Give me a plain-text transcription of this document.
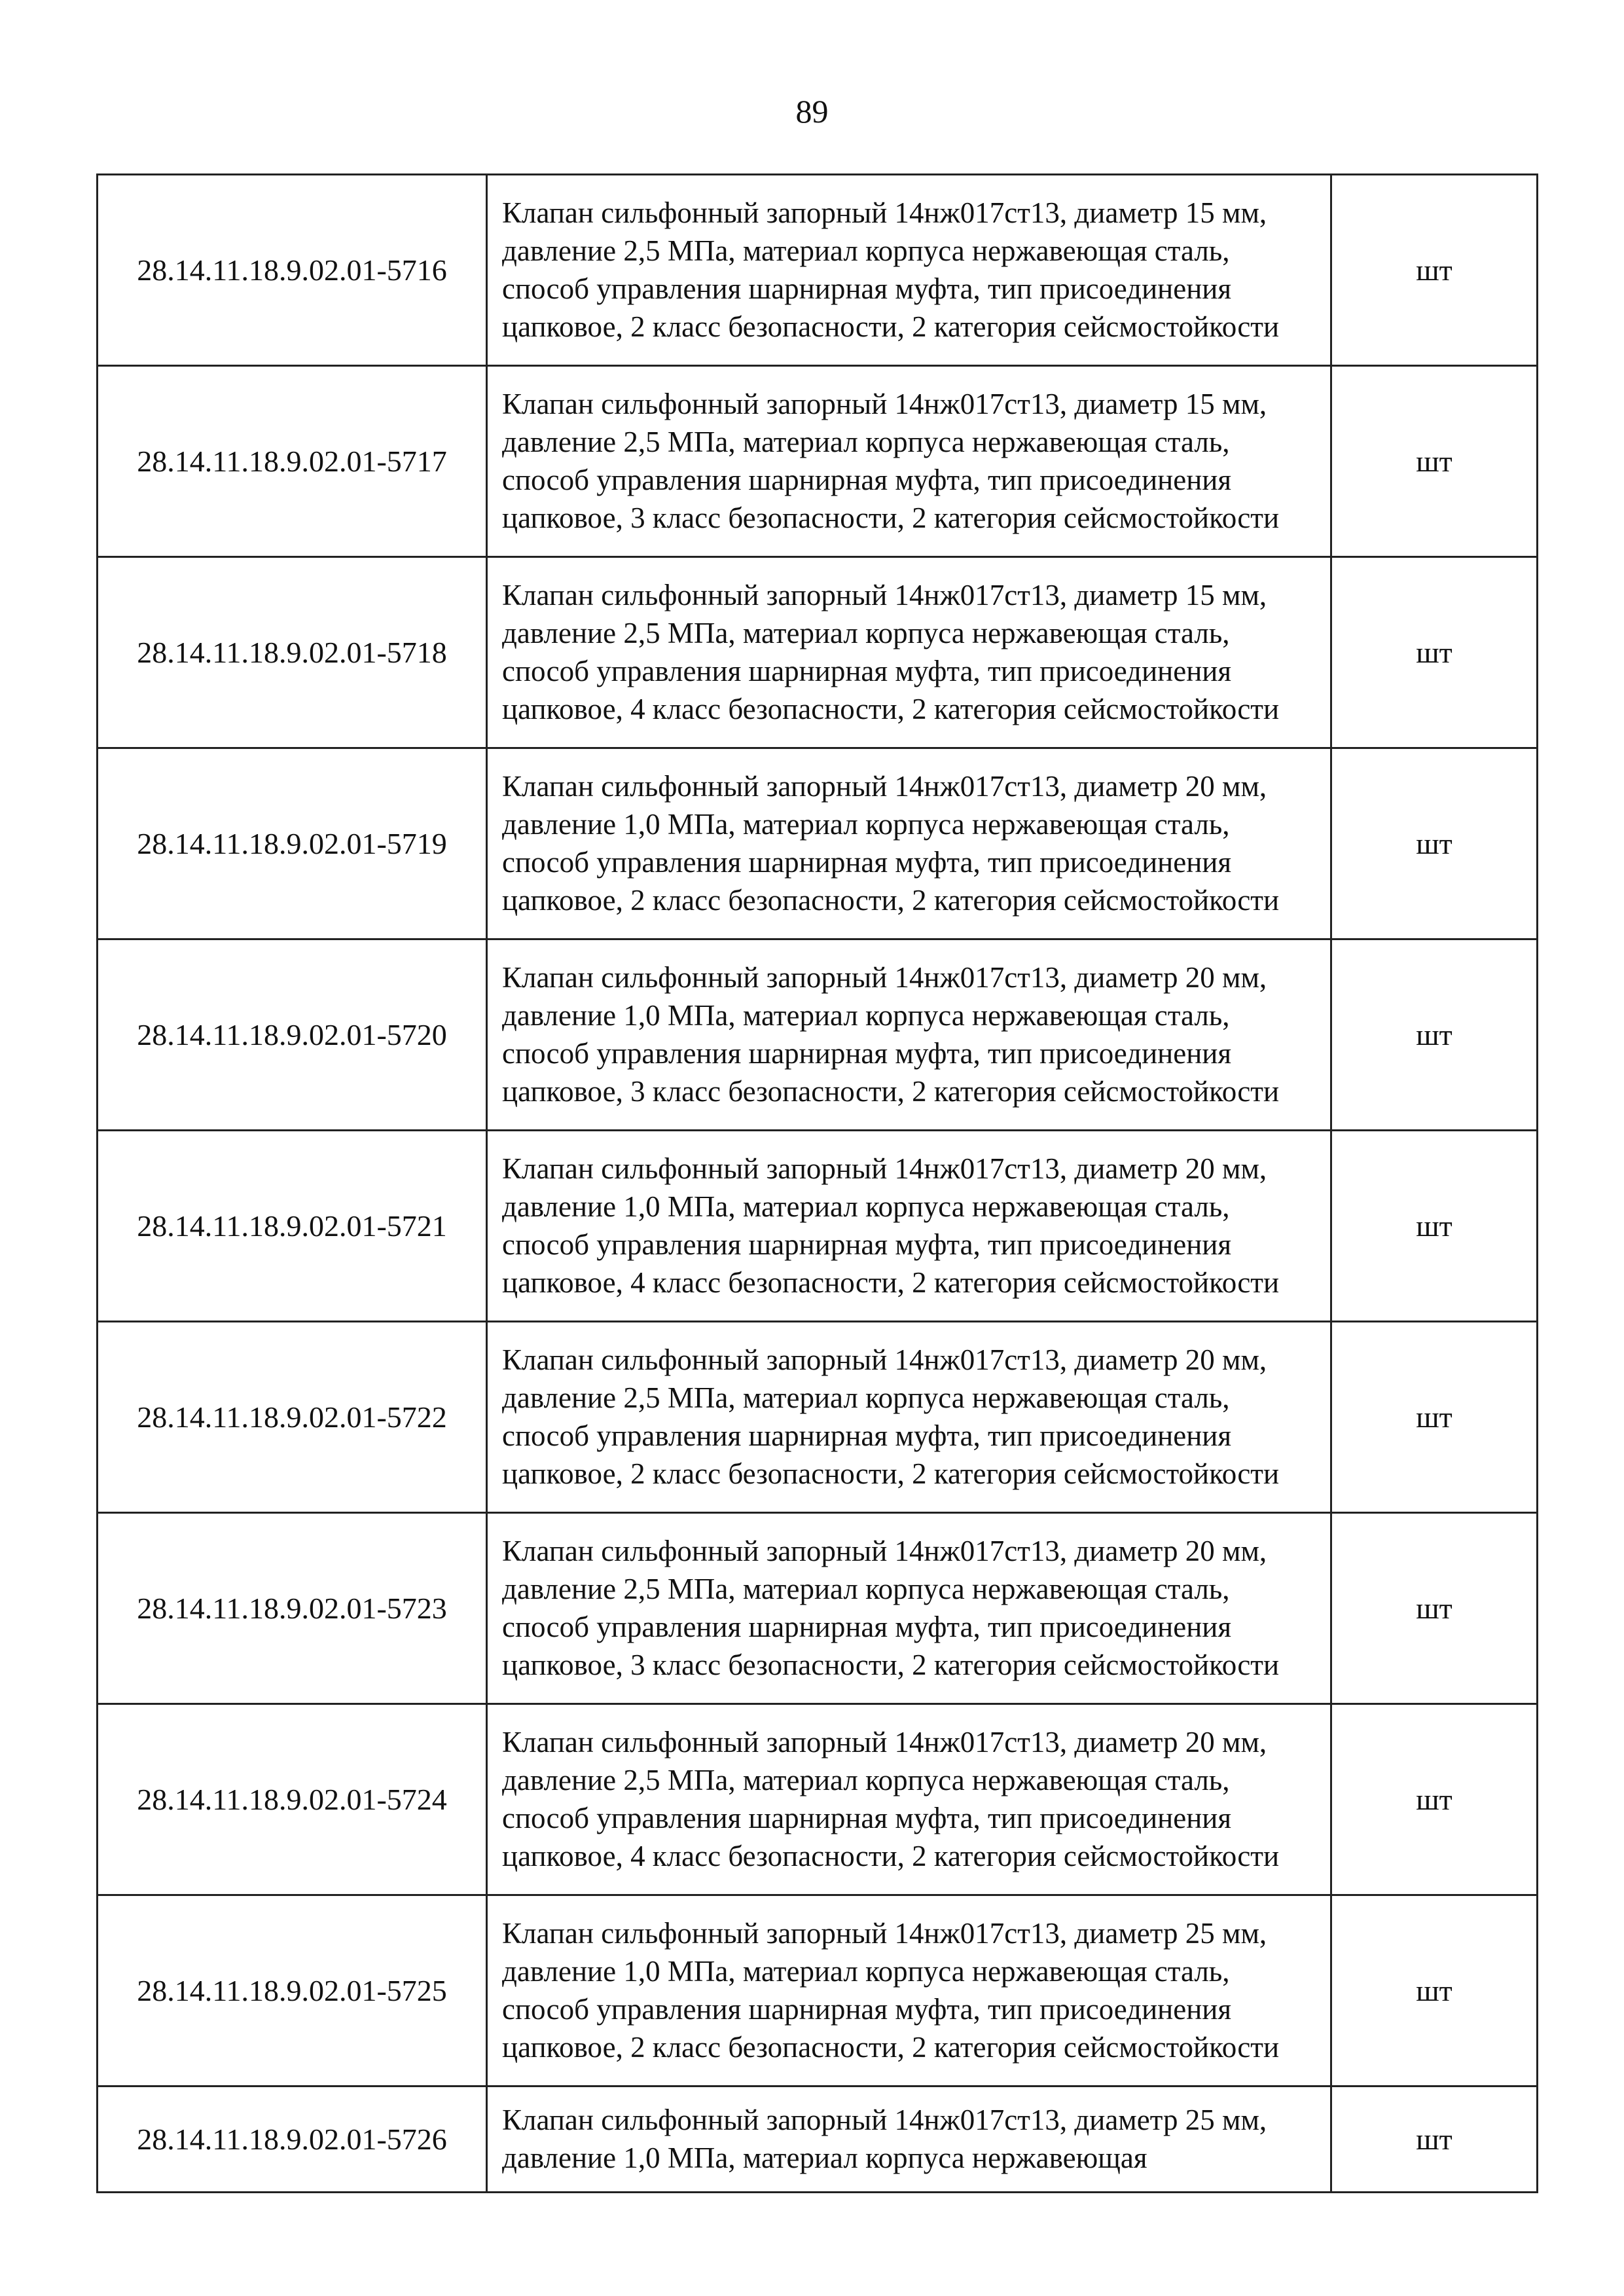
89
28.14.11.18.9.02.01-5716	Клапан сильфонный запорный 14нж017ст13, диаметр 15 мм, давление 2,5 МПа, материал корпуса нержавеющая сталь, способ управления шарнирная муфта, тип присоединения цапковое, 2 класс безопасности, 2 категория сейсмостойкости	шт
28.14.11.18.9.02.01-5717	Клапан сильфонный запорный 14нж017ст13, диаметр 15 мм, давление 2,5 МПа, материал корпуса нержавеющая сталь, способ управления шарнирная муфта, тип присоединения цапковое, 3 класс безопасности, 2 категория сейсмостойкости	шт
28.14.11.18.9.02.01-5718	Клапан сильфонный запорный 14нж017ст13, диаметр 15 мм, давление 2,5 МПа, материал корпуса нержавеющая сталь, способ управления шарнирная муфта, тип присоединения цапковое, 4 класс безопасности, 2 категория сейсмостойкости	шт
28.14.11.18.9.02.01-5719	Клапан сильфонный запорный 14нж017ст13, диаметр 20 мм, давление 1,0 МПа, материал корпуса нержавеющая сталь, способ управления шарнирная муфта, тип присоединения цапковое, 2 класс безопасности, 2 категория сейсмостойкости	шт
28.14.11.18.9.02.01-5720	Клапан сильфонный запорный 14нж017ст13, диаметр 20 мм, давление 1,0 МПа, материал корпуса нержавеющая сталь, способ управления шарнирная муфта, тип присоединения цапковое, 3 класс безопасности, 2 категория сейсмостойкости	шт
28.14.11.18.9.02.01-5721	Клапан сильфонный запорный 14нж017ст13, диаметр 20 мм, давление 1,0 МПа, материал корпуса нержавеющая сталь, способ управления шарнирная муфта, тип присоединения цапковое, 4 класс безопасности, 2 категория сейсмостойкости	шт
28.14.11.18.9.02.01-5722	Клапан сильфонный запорный 14нж017ст13, диаметр 20 мм, давление 2,5 МПа, материал корпуса нержавеющая сталь, способ управления шарнирная муфта, тип присоединения цапковое, 2 класс безопасности, 2 категория сейсмостойкости	шт
28.14.11.18.9.02.01-5723	Клапан сильфонный запорный 14нж017ст13, диаметр 20 мм, давление 2,5 МПа, материал корпуса нержавеющая сталь, способ управления шарнирная муфта, тип присоединения цапковое, 3 класс безопасности, 2 категория сейсмостойкости	шт
28.14.11.18.9.02.01-5724	Клапан сильфонный запорный 14нж017ст13, диаметр 20 мм, давление 2,5 МПа, материал корпуса нержавеющая сталь, способ управления шарнирная муфта, тип присоединения цапковое, 4 класс безопасности, 2 категория сейсмостойкости	шт
28.14.11.18.9.02.01-5725	Клапан сильфонный запорный 14нж017ст13, диаметр 25 мм, давление 1,0 МПа, материал корпуса нержавеющая сталь, способ управления шарнирная муфта, тип присоединения цапковое, 2 класс безопасности, 2 категория сейсмостойкости	шт
28.14.11.18.9.02.01-5726	Клапан сильфонный запорный 14нж017ст13, диаметр 25 мм, давление 1,0 МПа, материал корпуса нержавеющая	шт
